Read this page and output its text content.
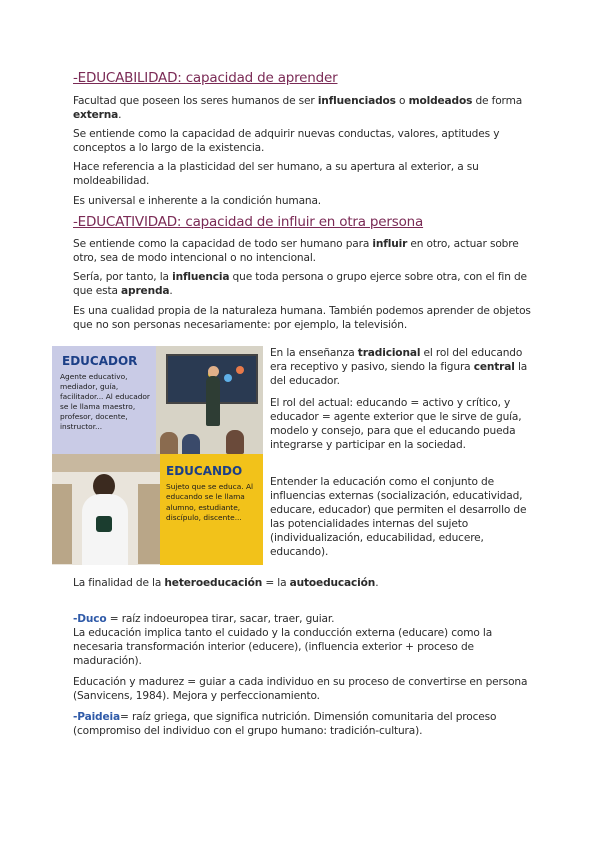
-EDUCABILIDAD: capacidad de aprender
Facultad que poseen los seres humanos de ser influenciados o moldeados de forma externa.
Se entiende como la capacidad de adquirir nuevas conductas, valores, aptitudes y conceptos a lo largo de la existencia.
Hace referencia a la plasticidad del ser humano, a su apertura al exterior, a su moldeabilidad.
Es universal e inherente a la condición humana.
-EDUCATIVIDAD: capacidad de influir en otra persona
Se entiende como la capacidad de todo ser humano para influir en otro, actuar sobre otro, sea de modo intencional o no intencional.
Sería, por tanto, la influencia que toda persona o grupo ejerce sobre otra, con el fin de que esta aprenda.
Es una cualidad propia de la naturaleza humana. También podemos aprender de objetos que no son personas necesariamente: por ejemplo, la televisión.
EDUCADOR
Agente educativo, mediador, guía, facilitador... Al educador se le llama maestro, profesor, docente, instructor...
EDUCANDO
Sujeto que se educa. Al educando se le llama alumno, estudiante, discípulo, discente...
En la enseñanza tradicional el rol del educando era receptivo y pasivo, siendo la figura central la del educador.
El rol del actual: educando = activo y crítico, y educador = agente exterior que le sirve de guía, modelo y consejo, para que el educando pueda integrarse y participar en la sociedad.
Entender la educación como el conjunto de influencias externas (socialización, educatividad, educare, educador) que permiten el desarrollo de las potencialidades internas del sujeto (individualización, educabilidad, educere, educando).
La finalidad de la heteroeducación = la autoeducación.
-Duco = raíz indoeuropea tirar, sacar, traer, guiar.
La educación implica tanto el cuidado y la conducción externa (educare) como la necesaria transformación interior (educere), (influencia exterior + proceso de maduración).
Educación y madurez = guiar a cada individuo en su proceso de convertirse en persona (Sanvicens, 1984). Mejora y perfeccionamiento.
-Paideia= raíz griega, que significa nutrición. Dimensión comunitaria del proceso (compromiso del individuo con el grupo humano: tradición-cultura).
